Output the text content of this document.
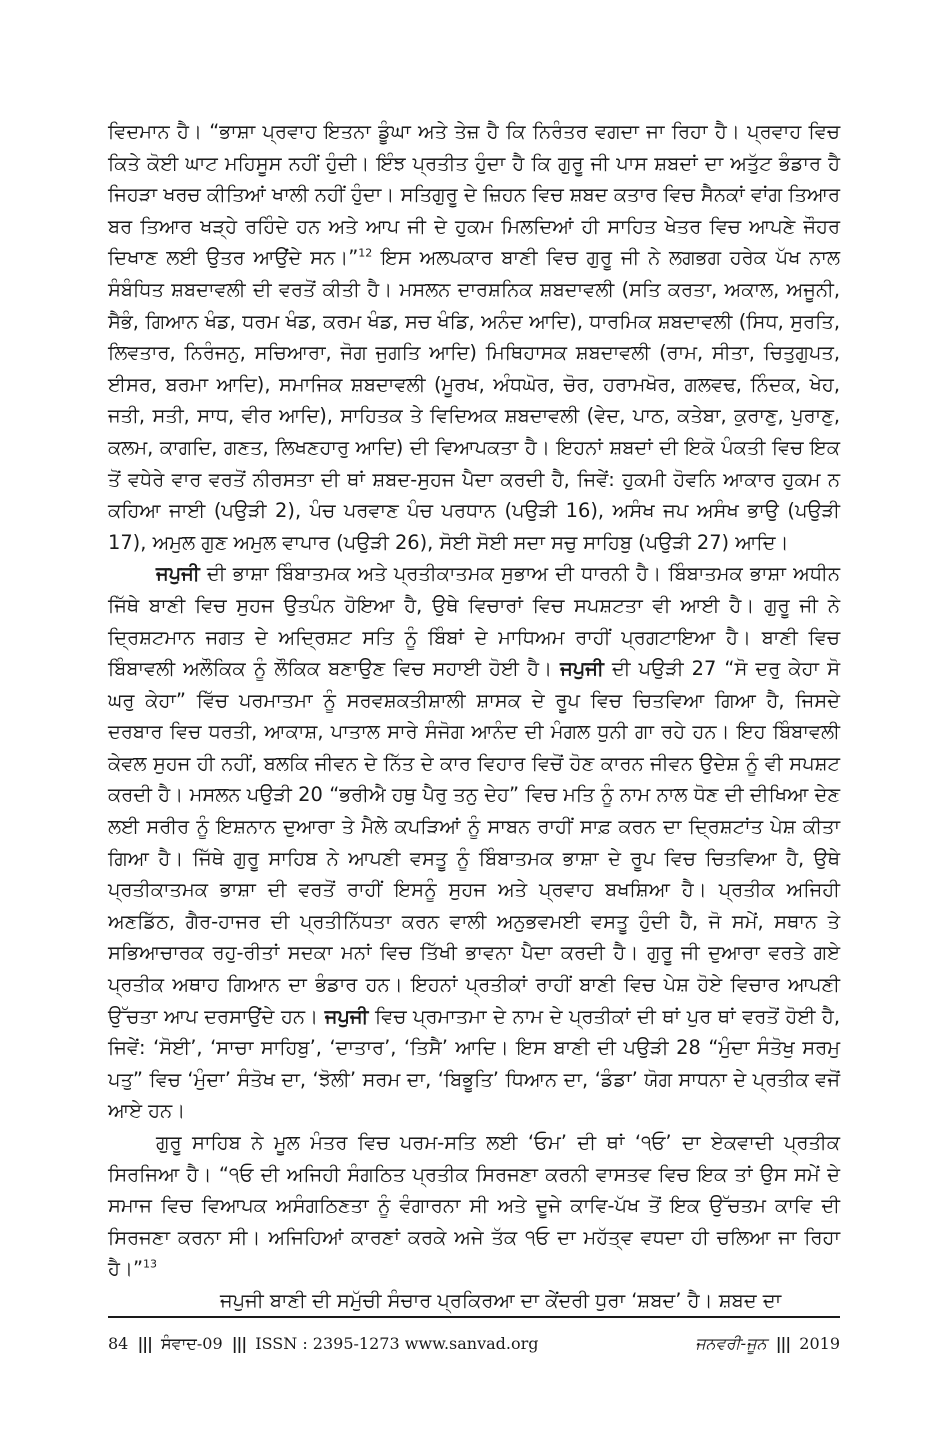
ਵਿਦਮਾਨ ਹੈ। “ਭਾਸ਼ਾ ਪ੍ਰਵਾਹ ਇਤਨਾ ਡੂੰਘਾ ਅਤੇ ਤੇਜ਼ ਹੈ ਕਿ ਨਿਰੰਤਰ ਵਗਦਾ ਜਾ ਰਿਹਾ ਹੈ। ਪ੍ਰਵਾਹ ਵਿਚ ਕਿਤੇ ਕੋਈ ਘਾਟ ਮਹਿਸੂਸ ਨਹੀਂ ਹੁੰਦੀ। ਇੰਝ ਪ੍ਰਤੀਤ ਹੁੰਦਾ ਹੈ ਕਿ ਗੁਰੂ ਜੀ ਪਾਸ ਸ਼ਬਦਾਂ ਦਾ ਅਤੁੱਟ ਭੰਡਾਰ ਹੈ ਜਿਹੜਾ ਖਰਚ ਕੀਤਿਆਂ ਖਾਲੀ ਨਹੀਂ ਹੁੰਦਾ। ਸਤਿਗੁਰੂ ਦੇ ਜ਼ਿਹਨ ਵਿਚ ਸ਼ਬਦ ਕਤਾਰ ਵਿਚ ਸੈਨਕਾਂ ਵਾਂਗ ਤਿਆਰ ਬਰ ਤਿਆਰ ਖੜ੍ਹੇ ਰਹਿੰਦੇ ਹਨ ਅਤੇ ਆਪ ਜੀ ਦੇ ਹੁਕਮ ਮਿਲਦਿਆਂ ਹੀ ਸਾਹਿਤ ਖੇਤਰ ਵਿਚ ਆਪਣੇ ਜੌਹਰ ਦਿਖਾਣ ਲਈ ਉਤਰ ਆਉਂਦੇ ਸਨ।”$^{12}$ ਇਸ ਅਲਪਕਾਰ ਬਾਣੀ ਵਿਚ ਗੁਰੂ ਜੀ ਨੇ ਲਗਭਗ ਹਰੇਕ ਪੱਖ ਨਾਲ ਸੰਬੰਧਿਤ ਸ਼ਬਦਾਵਲੀ ਦੀ ਵਰਤੋਂ ਕੀਤੀ ਹੈ। ਮਸਲਨ ਦਾਰਸ਼ਨਿਕ ਸ਼ਬਦਾਵਲੀ (ਸਤਿ ਕਰਤਾ, ਅਕਾਲ, ਅਜੂਨੀ, ਸੈਭੰ, ਗਿਆਨ ਖੰਡ, ਧਰਮ ਖੰਡ, ਕਰਮ ਖੰਡ, ਸਚ ਖੰਡਿ, ਅਨੰਦ ਆਦਿ), ਧਾਰਮਿਕ ਸ਼ਬਦਾਵਲੀ (ਸਿਧ, ਸੁਰਤਿ, ਲਿਵਤਾਰ, ਨਿਰੰਜਨੁ, ਸਚਿਆਰਾ, ਜੋਗ ਜੁਗਤਿ ਆਦਿ) ਮਿਥਿਹਾਸਕ ਸ਼ਬਦਾਵਲੀ (ਰਾਮ, ਸੀਤਾ, ਚਿਤੁਗੁਪਤ, ਈਸਰ, ਬਰਮਾ ਆਦਿ), ਸਮਾਜਿਕ ਸ਼ਬਦਾਵਲੀ (ਮੂਰਖ, ਅੰਧਘੋਰ, ਚੋਰ, ਹਰਾਮਖੋਰ, ਗਲਵਢ, ਨਿੰਦਕ, ਖੇਹ, ਜਤੀ, ਸਤੀ, ਸਾਧ, ਵੀਰ ਆਦਿ), ਸਾਹਿਤਕ ਤੇ ਵਿਦਿਅਕ ਸ਼ਬਦਾਵਲੀ (ਵੇਦ, ਪਾਠ, ਕਤੇਬਾ, ਕੁਰਾਣੁ, ਪੁਰਾਣੁ, ਕਲਮ, ਕਾਗਦਿ, ਗਣਤ, ਲਿਖਣਹਾਰੁ ਆਦਿ) ਦੀ ਵਿਆਪਕਤਾ ਹੈ। ਇਹਨਾਂ ਸ਼ਬਦਾਂ ਦੀ ਇਕੋ ਪੰਕਤੀ ਵਿਚ ਇਕ ਤੋਂ ਵਧੇਰੇ ਵਾਰ ਵਰਤੋਂ ਨੀਰਸਤਾ ਦੀ ਥਾਂ ਸ਼ਬਦ-ਸੁਹਜ ਪੈਦਾ ਕਰਦੀ ਹੈ, ਜਿਵੇਂ: ਹੁਕਮੀ ਹੋਵਨਿ ਆਕਾਰ ਹੁਕਮ ਨ ਕਹਿਆ ਜਾਈ (ਪਉੜੀ 2), ਪੰਚ ਪਰਵਾਣ ਪੰਚ ਪਰਧਾਨ (ਪਉੜੀ 16), ਅਸੰਖ ਜਪ ਅਸੰਖ ਭਾਉ (ਪਉੜੀ 17), ਅਮੁਲ ਗੁਣ ਅਮੁਲ ਵਾਪਾਰ (ਪਉੜੀ 26), ਸੋਈ ਸੋਈ ਸਦਾ ਸਚੁ ਸਾਹਿਬੁ (ਪਉੜੀ 27) ਆਦਿ।

ਜਪੁਜੀ ਦੀ ਭਾਸ਼ਾ ਬਿੰਬਾਤਮਕ ਅਤੇ ਪ੍ਰਤੀਕਾਤਮਕ ਸੁਭਾਅ ਦੀ ਧਾਰਨੀ ਹੈ। ਬਿੰਬਾਤਮਕ ਭਾਸ਼ਾ ਅਧੀਨ ਜਿੱਥੇ ਬਾਣੀ ਵਿਚ ਸੁਹਜ ਉਤਪੰਨ ਹੋਇਆ ਹੈ, ਉਥੇ ਵਿਚਾਰਾਂ ਵਿਚ ਸਪਸ਼ਟਤਾ ਵੀ ਆਈ ਹੈ। ਗੁਰੂ ਜੀ ਨੇ ਦ੍ਰਿਸ਼ਟਮਾਨ ਜਗਤ ਦੇ ਅਦ੍ਰਿਸ਼ਟ ਸਤਿ ਨੂੰ ਬਿੰਬਾਂ ਦੇ ਮਾਧਿਅਮ ਰਾਹੀਂ ਪ੍ਰਗਟਾਇਆ ਹੈ। ਬਾਣੀ ਵਿਚ ਬਿੰਬਾਵਲੀ ਅਲੌਕਿਕ ਨੂੰ ਲੌਕਿਕ ਬਣਾਉਣ ਵਿਚ ਸਹਾਈ ਹੋਈ ਹੈ। ਜਪੁਜੀ ਦੀ ਪਉੜੀ 27 “ਸੋ ਦਰੁ ਕੇਹਾ ਸੋ ਘਰੁ ਕੇਹਾ” ਵਿੱਚ ਪਰਮਾਤਮਾ ਨੂੰ ਸਰਵਸ਼ਕਤੀਸ਼ਾਲੀ ਸ਼ਾਸਕ ਦੇ ਰੂਪ ਵਿਚ ਚਿਤਵਿਆ ਗਿਆ ਹੈ, ਜਿਸਦੇ ਦਰਬਾਰ ਵਿਚ ਧਰਤੀ, ਆਕਾਸ਼, ਪਾਤਾਲ ਸਾਰੇ ਸੰਜੋਗ ਆਨੰਦ ਦੀ ਮੰਗਲ ਧੁਨੀ ਗਾ ਰਹੇ ਹਨ। ਇਹ ਬਿੰਬਾਵਲੀ ਕੇਵਲ ਸੁਹਜ ਹੀ ਨਹੀਂ, ਬਲਕਿ ਜੀਵਨ ਦੇ ਨਿੱਤ ਦੇ ਕਾਰ ਵਿਹਾਰ ਵਿਚੋਂ ਹੋਣ ਕਾਰਨ ਜੀਵਨ ਉਦੇਸ਼ ਨੂੰ ਵੀ ਸਪਸ਼ਟ ਕਰਦੀ ਹੈ। ਮਸਲਨ ਪਉੜੀ 20 “ਭਰੀਐ ਹਥੁ ਪੈਰੁ ਤਨੁ ਦੇਹ” ਵਿਚ ਮਤਿ ਨੂੰ ਨਾਮ ਨਾਲ ਧੋਣ ਦੀ ਦੀਖਿਆ ਦੇਣ ਲਈ ਸਰੀਰ ਨੂੰ ਇਸ਼ਨਾਨ ਦੁਆਰਾ ਤੇ ਮੈਲੇ ਕਪੜਿਆਂ ਨੂੰ ਸਾਬਨ ਰਾਹੀਂ ਸਾਫ਼ ਕਰਨ ਦਾ ਦ੍ਰਿਸ਼ਟਾਂਤ ਪੇਸ਼ ਕੀਤਾ ਗਿਆ ਹੈ। ਜਿੱਥੇ ਗੁਰੂ ਸਾਹਿਬ ਨੇ ਆਪਣੀ ਵਸਤੂ ਨੂੰ ਬਿੰਬਾਤਮਕ ਭਾਸ਼ਾ ਦੇ ਰੂਪ ਵਿਚ ਚਿਤਵਿਆ ਹੈ, ਉਥੇ ਪ੍ਰਤੀਕਾਤਮਕ ਭਾਸ਼ਾ ਦੀ ਵਰਤੋਂ ਰਾਹੀਂ ਇਸਨੂੰ ਸੁਹਜ ਅਤੇ ਪ੍ਰਵਾਹ ਬਖਸ਼ਿਆ ਹੈ। ਪ੍ਰਤੀਕ ਅਜਿਹੀ ਅਣਡਿੱਠ, ਗੈਰ-ਹਾਜਰ ਦੀ ਪ੍ਰਤੀਨਿੱਧਤਾ ਕਰਨ ਵਾਲੀ ਅਨੁਭਵਮਈ ਵਸਤੂ ਹੁੰਦੀ ਹੈ, ਜੋ ਸਮੇਂ, ਸਥਾਨ ਤੇ ਸਭਿਆਚਾਰਕ ਰਹੁ-ਰੀਤਾਂ ਸਦਕਾ ਮਨਾਂ ਵਿਚ ਤਿੱਖੀ ਭਾਵਨਾ ਪੈਦਾ ਕਰਦੀ ਹੈ। ਗੁਰੂ ਜੀ ਦੁਆਰਾ ਵਰਤੇ ਗਏ ਪ੍ਰਤੀਕ ਅਥਾਹ ਗਿਆਨ ਦਾ ਭੰਡਾਰ ਹਨ। ਇਹਨਾਂ ਪ੍ਰਤੀਕਾਂ ਰਾਹੀਂ ਬਾਣੀ ਵਿਚ ਪੇਸ਼ ਹੋਏ ਵਿਚਾਰ ਆਪਣੀ ਉੱਚਤਾ ਆਪ ਦਰਸਾਉਂਦੇ ਹਨ। ਜਪੁਜੀ ਵਿਚ ਪ੍ਰਮਾਤਮਾ ਦੇ ਨਾਮ ਦੇ ਪ੍ਰਤੀਕਾਂ ਦੀ ਥਾਂ ਪੁਰ ਥਾਂ ਵਰਤੋਂ ਹੋਈ ਹੈ, ਜਿਵੇਂ: ‘ਸੋਈ’, ‘ਸਾਚਾ ਸਾਹਿਬੁ’, ‘ਦਾਤਾਰ’, ‘ਤਿਸੈ’ ਆਦਿ। ਇਸ ਬਾਣੀ ਦੀ ਪਉੜੀ 28 “ਮੁੰਦਾ ਸੰਤੋਖੁ ਸਰਮੁ ਪਤੁ” ਵਿਚ ‘ਮੁੰਦਾ’ ਸੰਤੋਖ ਦਾ, ‘ਝੋਲੀ’ ਸਰਮ ਦਾ, ‘ਬਿਭੂਤਿ’ ਧਿਆਨ ਦਾ, ‘ਡੰਡਾ’ ਯੋਗ ਸਾਧਨਾ ਦੇ ਪ੍ਰਤੀਕ ਵਜੋਂ ਆਏ ਹਨ।

ਗੁਰੂ ਸਾਹਿਬ ਨੇ ਮੂਲ ਮੰਤਰ ਵਿਚ ਪਰਮ-ਸਤਿ ਲਈ ‘ਓਮ’ ਦੀ ਥਾਂ ‘੧ਓ’ ਦਾ ਏਕਵਾਦੀ ਪ੍ਰਤੀਕ ਸਿਰਜਿਆ ਹੈ। “੧ਓ ਦੀ ਅਜਿਹੀ ਸੰਗਠਿਤ ਪ੍ਰਤੀਕ ਸਿਰਜਣਾ ਕਰਨੀ ਵਾਸਤਵ ਵਿਚ ਇਕ ਤਾਂ ਉਸ ਸਮੇਂ ਦੇ ਸਮਾਜ ਵਿਚ ਵਿਆਪਕ ਅਸੰਗਠਿਣਤਾ ਨੂੰ ਵੰਗਾਰਨਾ ਸੀ ਅਤੇ ਦੂਜੇ ਕਾਵਿ-ਪੱਖ ਤੋਂ ਇਕ ਉੱਚਤਮ ਕਾਵਿ ਦੀ ਸਿਰਜਣਾ ਕਰਨਾ ਸੀ। ਅਜਿਹਿਆਂ ਕਾਰਣਾਂ ਕਰਕੇ ਅਜੇ ਤੱਕ ੧ਓ ਦਾ ਮਹੱਤ੍ਵ ਵਧਦਾ ਹੀ ਚਲਿਆ ਜਾ ਰਿਹਾ ਹੈ।”$^{13}$

ਜਪੁਜੀ ਬਾਣੀ ਦੀ ਸਮੁੱਚੀ ਸੰਚਾਰ ਪ੍ਰਕਿਰਆ ਦਾ ਕੇਂਦਰੀ ਧੁਰਾ ‘ਸ਼ਬਦ’ ਹੈ। ਸ਼ਬਦ ਦਾ

84 ||| ਸੰਵਾਦ-09 ||| ISSN : 2395-1273 www.sanvad.org	ਜਨਵਰੀ-ਜੂਨ ||| 2019
